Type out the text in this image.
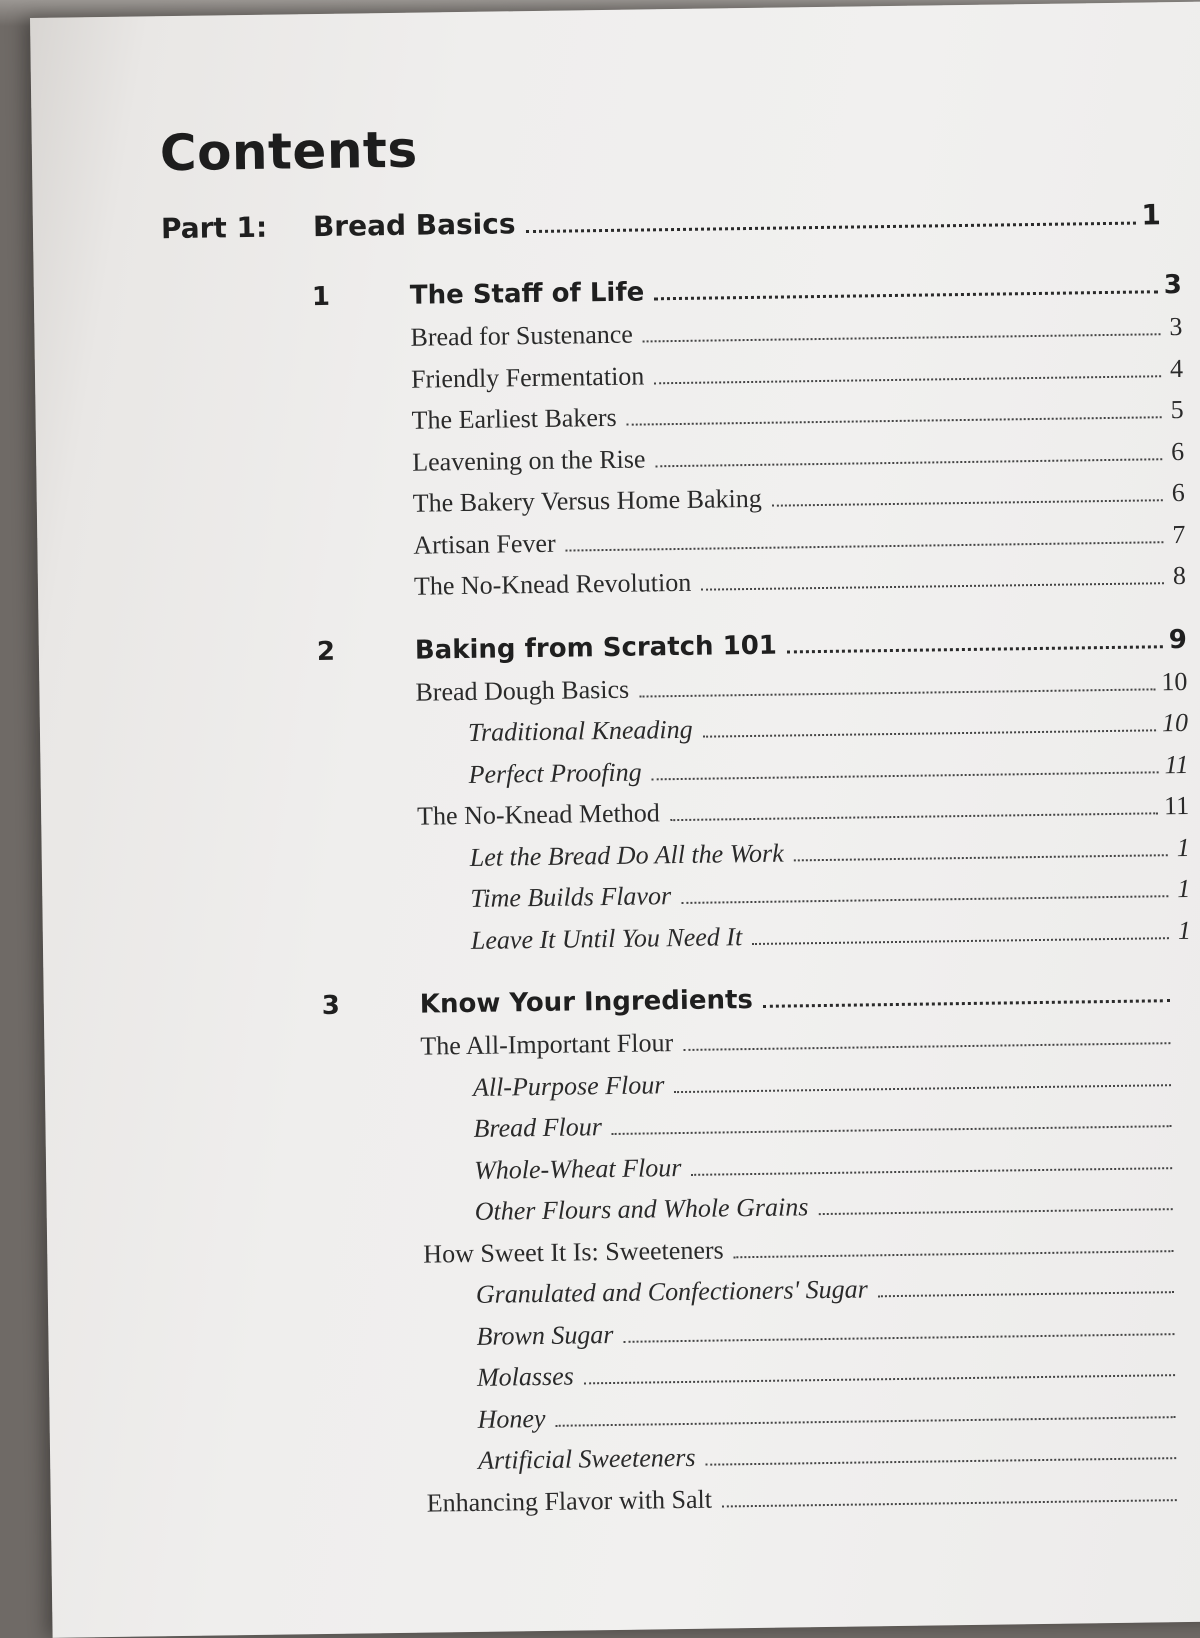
Contents
Part 1:	Bread Basics	1
1	The Staff of Life	3
Bread for Sustenance	3
Friendly Fermentation	4
The Earliest Bakers	5
Leavening on the Rise	6
The Bakery Versus Home Baking	6
Artisan Fever	7
The No-Knead Revolution	8
2	Baking from Scratch 101	9
Bread Dough Basics	10
Traditional Kneading	10
Perfect Proofing	11
The No-Knead Method	11
Let the Bread Do All the Work	1
Time Builds Flavor	1
Leave It Until You Need It	1
3	Know Your Ingredients
The All-Important Flour
All-Purpose Flour
Bread Flour
Whole-Wheat Flour
Other Flours and Whole Grains
How Sweet It Is: Sweeteners
Granulated and Confectioners' Sugar
Brown Sugar
Molasses
Honey
Artificial Sweeteners
Enhancing Flavor with Salt
